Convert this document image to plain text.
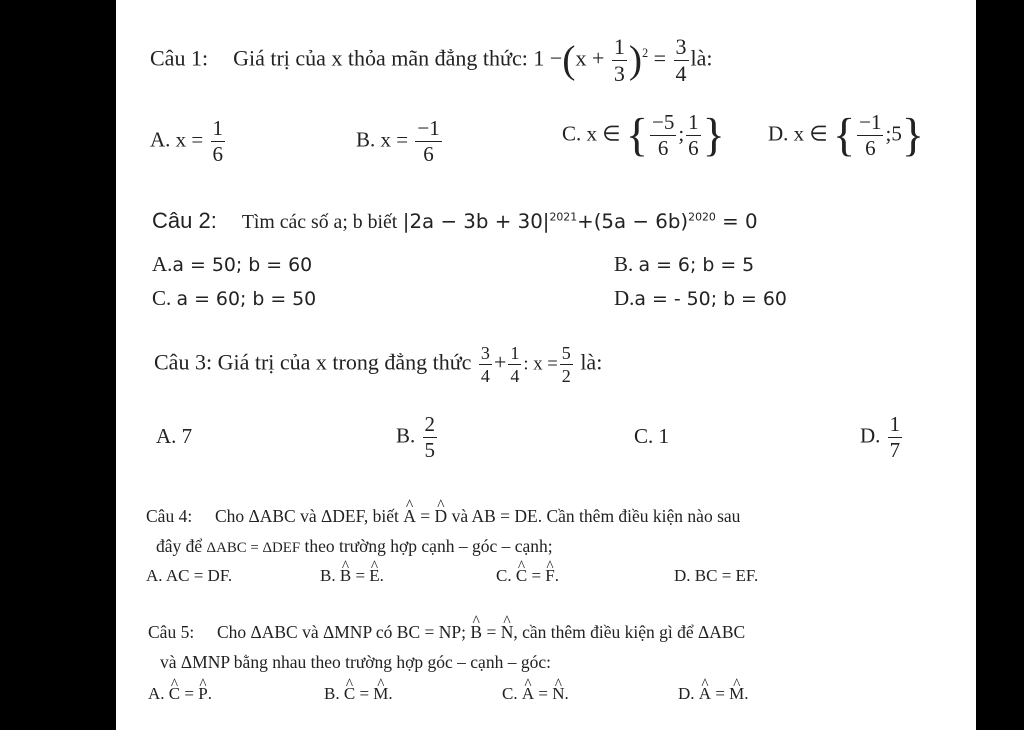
Câu 1: Giá trị của x thỏa mãn đẳng thức: $1 -(x + \frac{1}{3} )^2 = \frac{3}{4}$ là:
A. $x = \frac{1}{6}$	B. $x = \frac{-1}{6}$	C. x ∈ { $\frac{-5}{6}$ ; $\frac{1}{6}$ } D. x ∈ { $\frac{-1}{6}$ ;5}
Câu 2: Tìm các số a; b biết $|2a - 3b + 30|^{2021}+(5a - 6b)^{2020} = 0$
A.a = 50; b = 60	B. a = 6; b = 5
C. a = 60; b = 50	D.a = - 50; b = 60
Câu 3: Giá trị của x trong đẳng thức $\frac{3}{4} + \frac{1}{4}$ : $x = \frac{5}{2}$ là:
A. 7	B. $\frac{2}{5}$	C. 1	D. $\frac{1}{7}$
Câu 4: Cho ΔABC và ΔDEF, biết ^ A = ^ D và AB = DE. Cần thêm điều kiện nào sau
đây để ΔABC = ΔDEF theo trường hợp cạnh – góc – cạnh;
A. AC = DF.	B. ^ B = ^ E.	C. ^ C = ^ F.	D. BC = EF.
Câu 5: Cho ΔABC và ΔMNP có BC = NP; ^ B = ^ N, cần thêm điều kiện gì để ΔABC
và ΔMNP bằng nhau theo trường hợp góc – cạnh – góc:
A. ^ C = ^ P.	B. ^ C = ^ M.	C. ^ A = ^ N.	D. ^ A = ^ M.
